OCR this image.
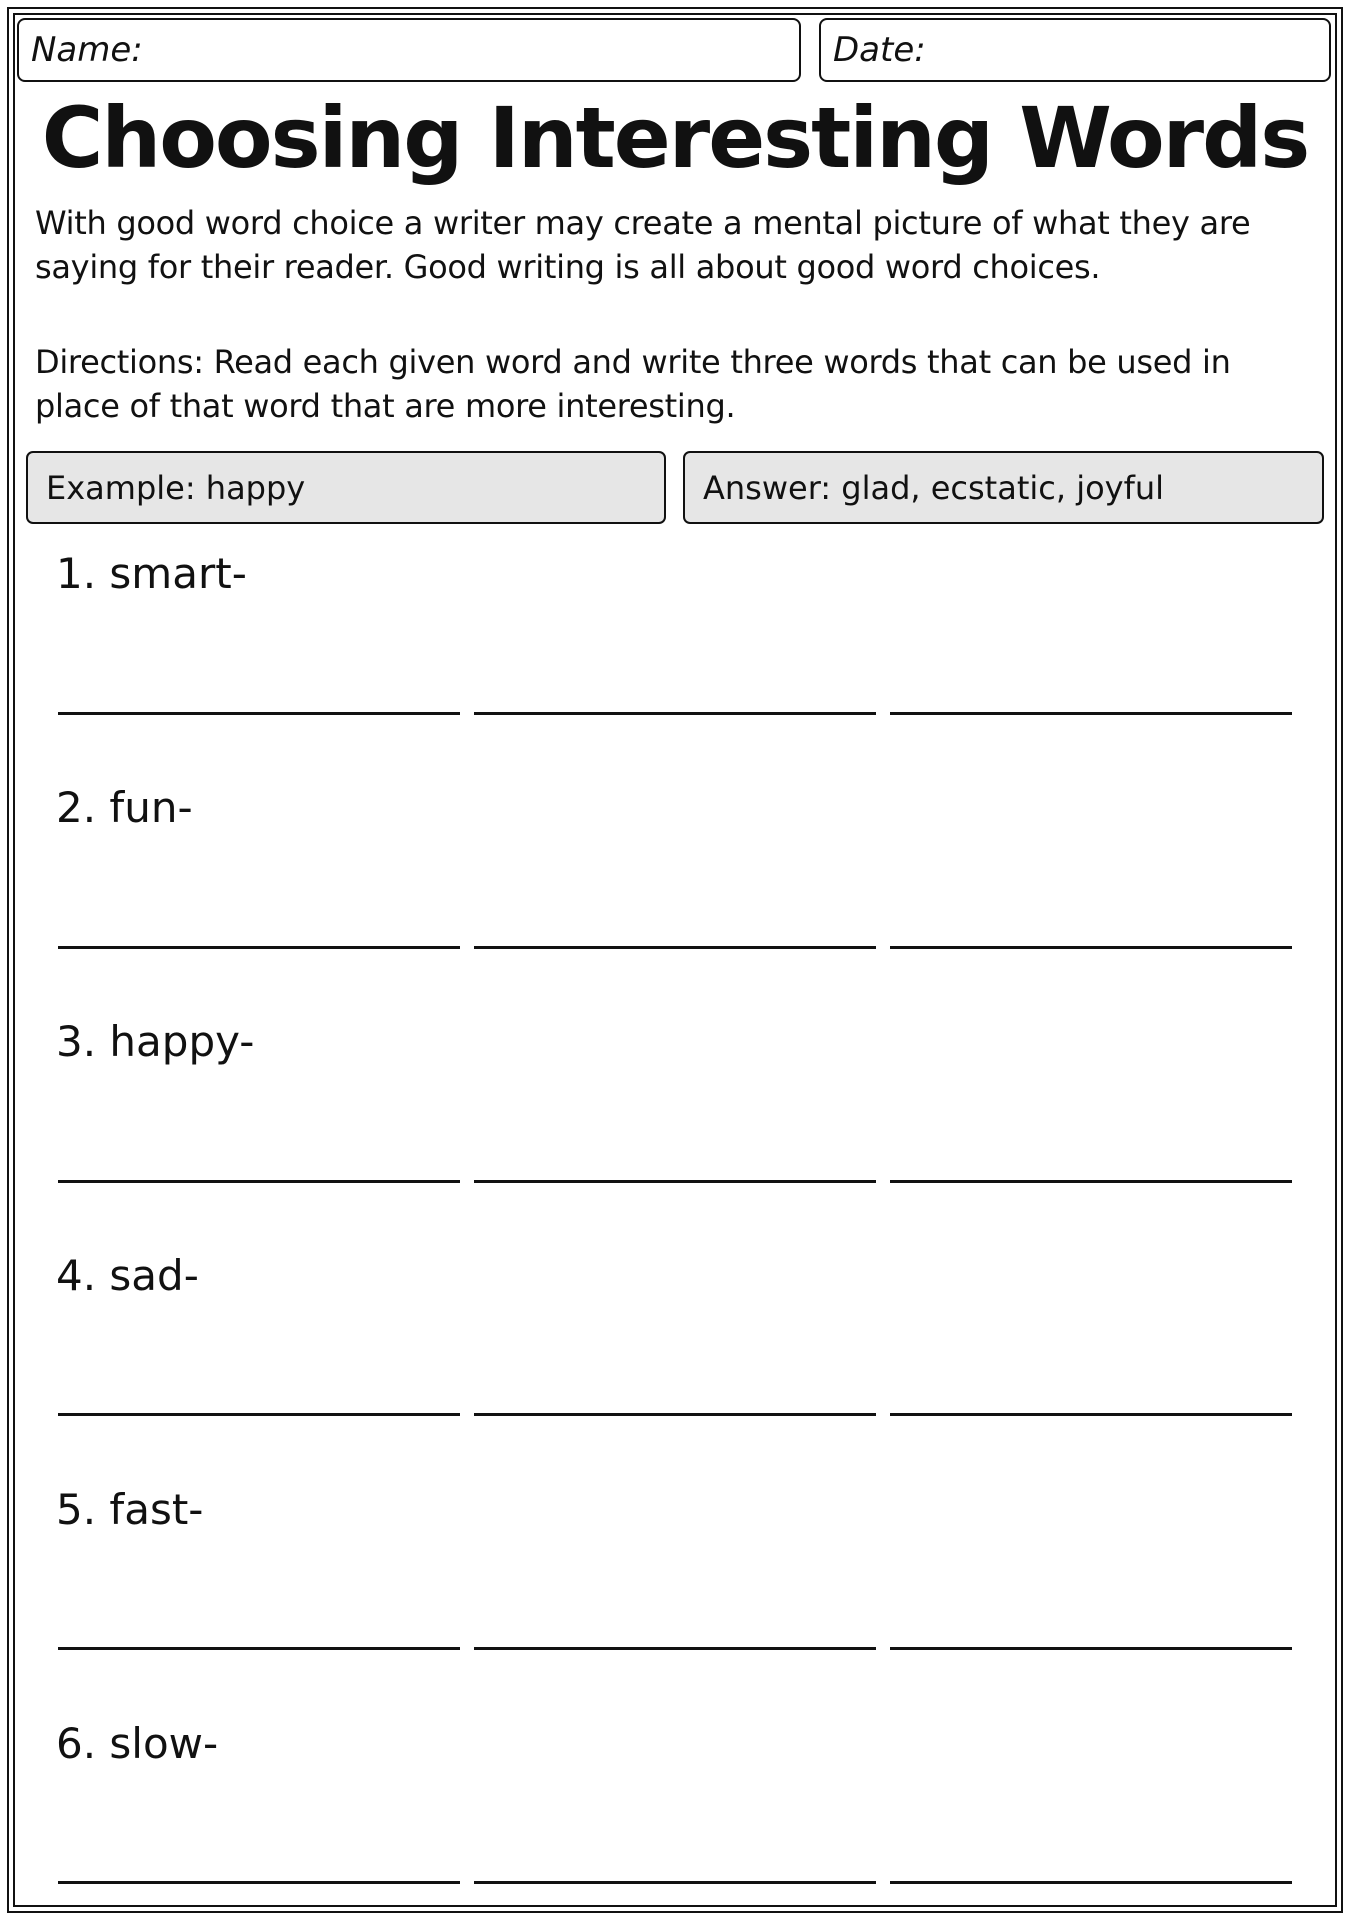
Name:	Date:
Choosing Interesting Words
With good word choice a writer may create a mental picture of what they are saying for their reader. Good writing is all about good word choices.
Directions: Read each given word and write three words that can be used in place of that word that are more interesting.
Example: happy	Answer: glad, ecstatic, joyful
1. smart-
2. fun-
3. happy-
4. sad-
5. fast-
6. slow-
